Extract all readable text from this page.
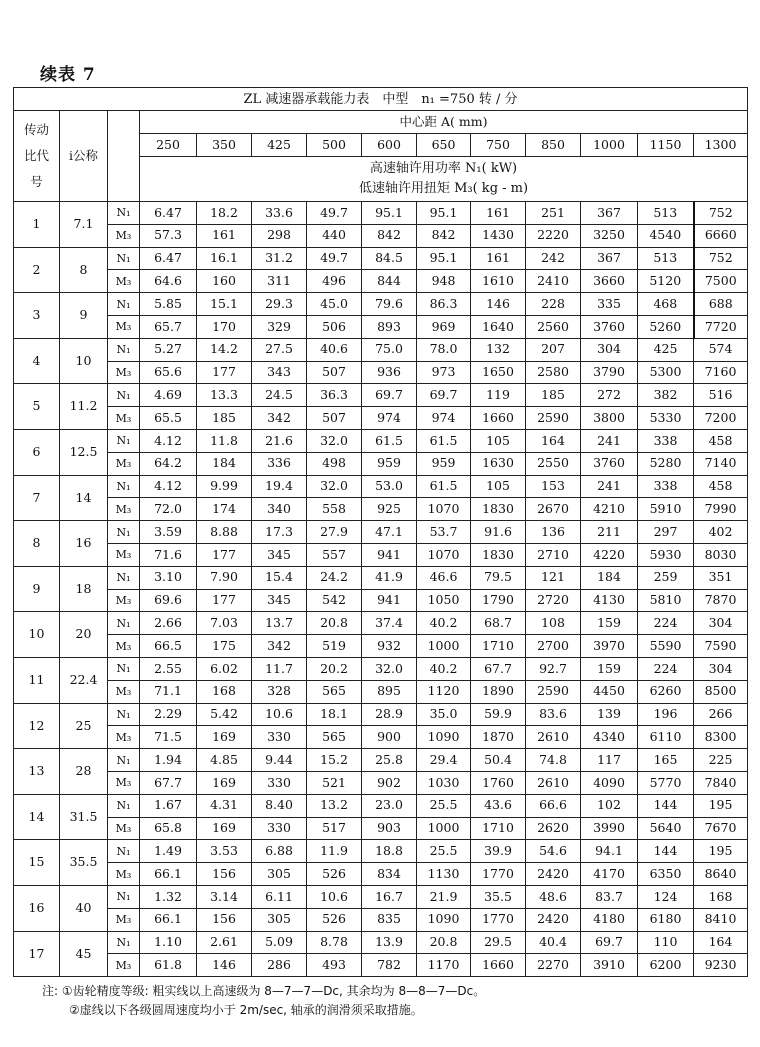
续表 7
ZL 减速器承载能力表　中型　n₁ =750 转 / 分													
传动比代号	i公称		中心距 A( mm)										
			250	350	425	500	600	650	750	850	1000	1150	1300

			高速轴许用功率 N₁( kW)
低速轴许用扭矩 M₃( kg - m)										

1	7.1	N₁	6.47	18.2	33.6	49.7	95.1	95.1	161	251	367	513	752
		M₃	57.3	161	298	440	842	842	1430	2220	3250	4540	6660
2	8	N₁	6.47	16.1	31.2	49.7	84.5	95.1	161	242	367	513	752
		M₃	64.6	160	311	496	844	948	1610	2410	3660	5120	7500
3	9	N₁	5.85	15.1	29.3	45.0	79.6	86.3	146	228	335	468	688
		M₃	65.7	170	329	506	893	969	1640	2560	3760	5260	7720
4	10	N₁	5.27	14.2	27.5	40.6	75.0	78.0	132	207	304	425	574
		M₃	65.6	177	343	507	936	973	1650	2580	3790	5300	7160
5	11.2	N₁	4.69	13.3	24.5	36.3	69.7	69.7	119	185	272	382	516
		M₃	65.5	185	342	507	974	974	1660	2590	3800	5330	7200
6	12.5	N₁	4.12	11.8	21.6	32.0	61.5	61.5	105	164	241	338	458
		M₃	64.2	184	336	498	959	959	1630	2550	3760	5280	7140
7	14	N₁	4.12	9.99	19.4	32.0	53.0	61.5	105	153	241	338	458
		M₃	72.0	174	340	558	925	1070	1830	2670	4210	5910	7990
8	16	N₁	3.59	8.88	17.3	27.9	47.1	53.7	91.6	136	211	297	402
		M₃	71.6	177	345	557	941	1070	1830	2710	4220	5930	8030
9	18	N₁	3.10	7.90	15.4	24.2	41.9	46.6	79.5	121	184	259	351
		M₃	69.6	177	345	542	941	1050	1790	2720	4130	5810	7870
10	20	N₁	2.66	7.03	13.7	20.8	37.4	40.2	68.7	108	159	224	304
		M₃	66.5	175	342	519	932	1000	1710	2700	3970	5590	7590
11	22.4	N₁	2.55	6.02	11.7	20.2	32.0	40.2	67.7	92.7	159	224	304
		M₃	71.1	168	328	565	895	1120	1890	2590	4450	6260	8500
12	25	N₁	2.29	5.42	10.6	18.1	28.9	35.0	59.9	83.6	139	196	266
		M₃	71.5	169	330	565	900	1090	1870	2610	4340	6110	8300
13	28	N₁	1.94	4.85	9.44	15.2	25.8	29.4	50.4	74.8	117	165	225
		M₃	67.7	169	330	521	902	1030	1760	2610	4090	5770	7840
14	31.5	N₁	1.67	4.31	8.40	13.2	23.0	25.5	43.6	66.6	102	144	195
		M₃	65.8	169	330	517	903	1000	1710	2620	3990	5640	7670
15	35.5	N₁	1.49	3.53	6.88	11.9	18.8	25.5	39.9	54.6	94.1	144	195
		M₃	66.1	156	305	526	834	1130	1770	2420	4170	6350	8640
16	40	N₁	1.32	3.14	6.11	10.6	16.7	21.9	35.5	48.6	83.7	124	168
		M₃	66.1	156	305	526	835	1090	1770	2420	4180	6180	8410
17	45	N₁	1.10	2.61	5.09	8.78	13.9	20.8	29.5	40.4	69.7	110	164
		M₃	61.8	146	286	493	782	1170	1660	2270	3910	6200	9230
注: ①齿轮精度等级: 粗实线以上高速级为 8—7—7—Dc, 其余均为 8—8—7—Dc。
②虚线以下各级圆周速度均小于 2m/sec, 轴承的润滑须采取措施。
